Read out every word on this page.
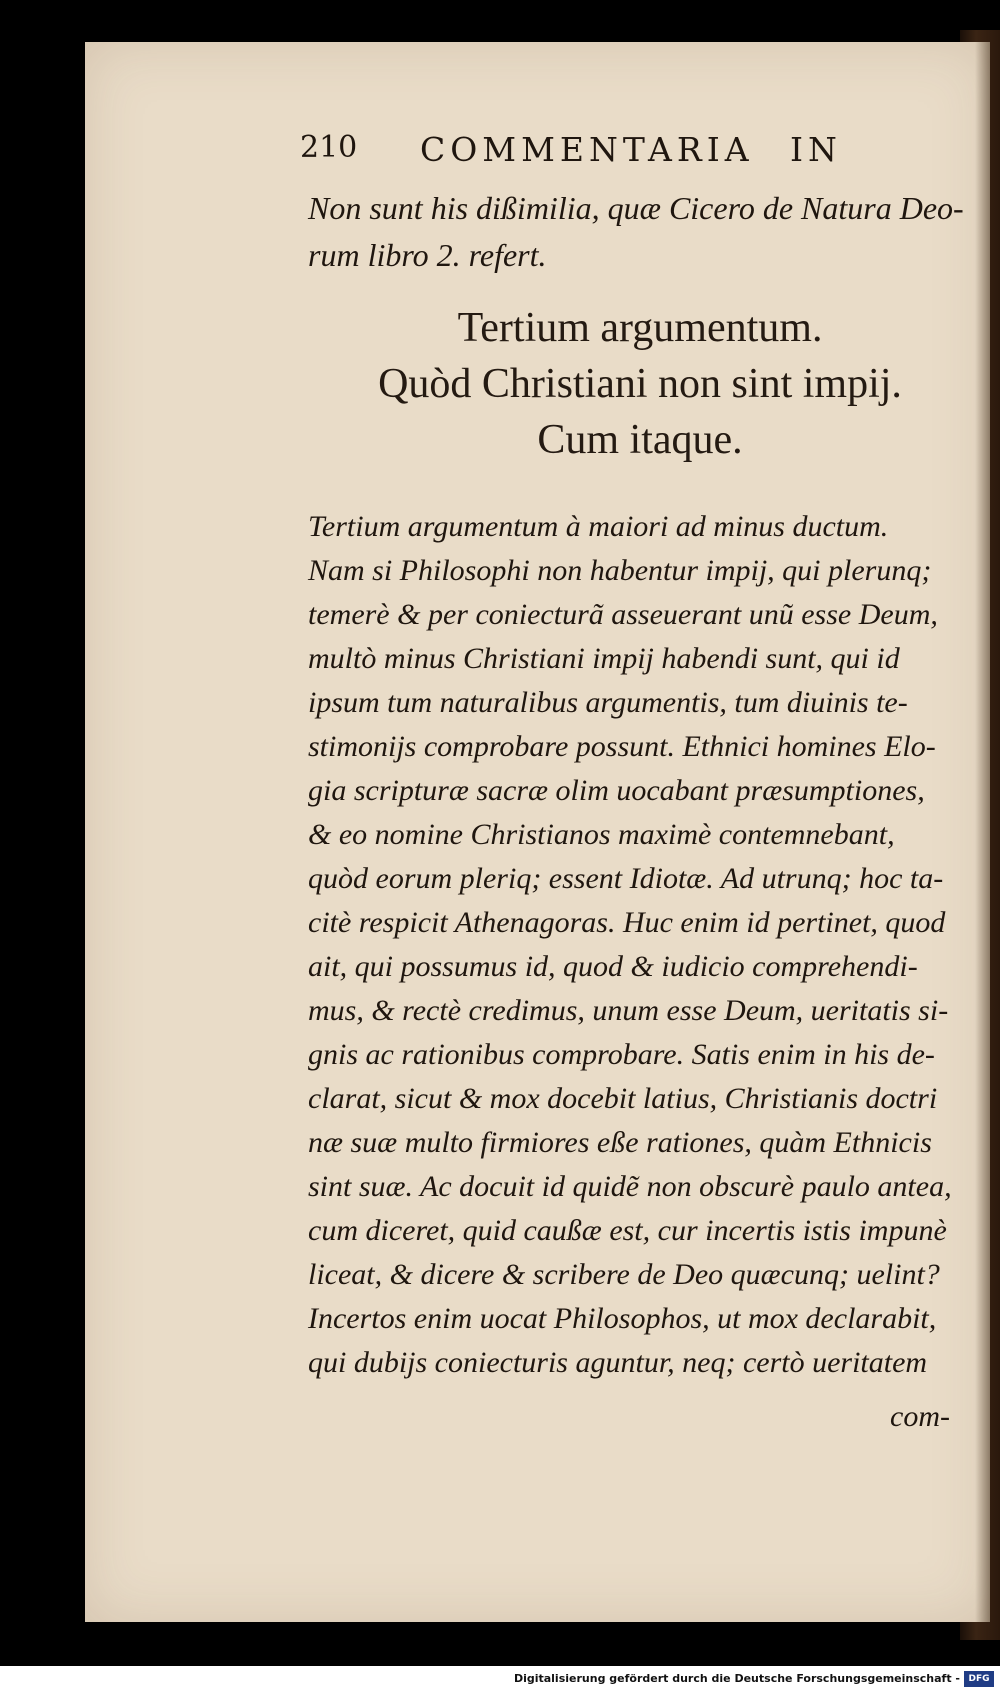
210 COMMENTARIA IN
Non sunt his dißimilia, quæ Cicero de Natura Deo-
rum libro 2. refert.
Tertium argumentum.
Quòd Christiani non sint impij.
Cum itaque.
Tertium argumentum à maiori ad minus ductum.
Nam si Philosophi non habentur impij, qui plerunq;
temerè & per coniecturã asseuerant unũ esse Deum,
multò minus Christiani impij habendi sunt, qui id
ipsum tum naturalibus argumentis, tum diuinis te-
stimonijs comprobare possunt. Ethnici homines Elo-
gia scripturæ sacræ olim uocabant præsumptiones,
& eo nomine Christianos maximè contemnebant,
quòd eorum pleriq; essent Idiotæ. Ad utrunq; hoc ta-
citè respicit Athenagoras. Huc enim id pertinet, quod
ait, qui possumus id, quod & iudicio comprehendi-
mus, & rectè credimus, unum esse Deum, ueritatis si-
gnis ac rationibus comprobare. Satis enim in his de-
clarat, sicut & mox docebit latius, Christianis doctri
næ suæ multo firmiores eße rationes, quàm Ethnicis
sint suæ. Ac docuit id quidẽ non obscurè paulo antea,
cum diceret, quid caußæ est, cur incertis istis impunè
liceat, & dicere & scribere de Deo quæcunq; uelint?
Incertos enim uocat Philosophos, ut mox declarabit,
qui dubijs coniecturis aguntur, neq; certò ueritatem
com-
Digitalisierung gefördert durch die Deutsche Forschungsgemeinschaft - DFG
